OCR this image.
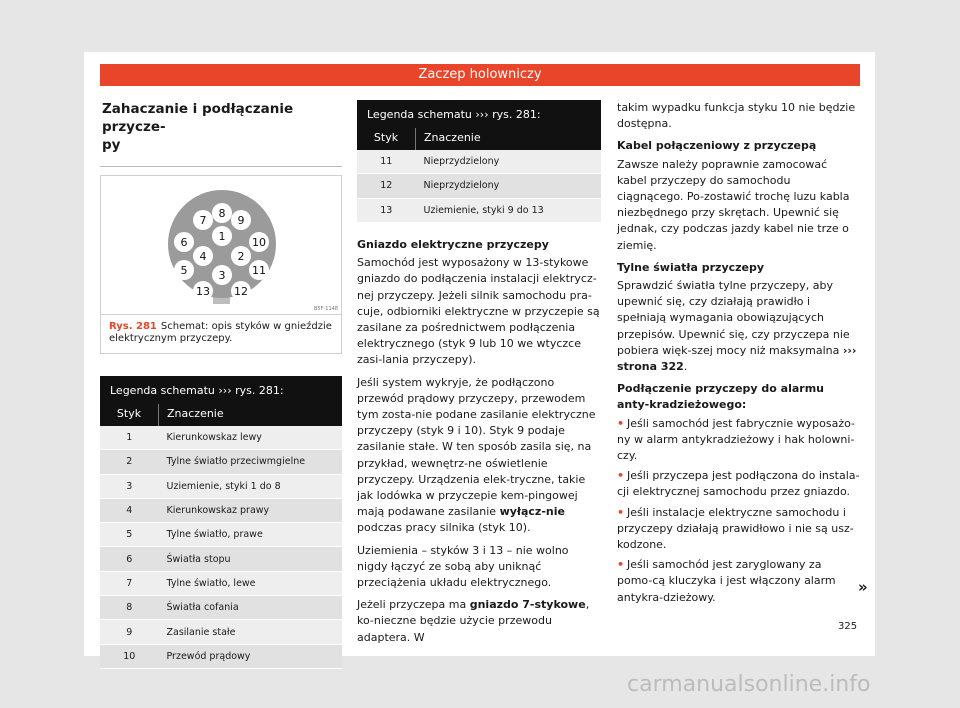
Zaczep holowniczy
Zahaczanie i podłączanie przycze-
py
1
2
3
4
5
6
7
8
9
10
11
12
13
B5F-1148
Rys. 281 Schemat: opis styków w gnieździe elektrycznym przyczepy.
Legenda schematu ››› rys. 281:	
Styk	Znaczenie
1	Kierunkowskaz lewy
2	Tylne światło przeciwmgielne
3	Uziemienie, styki 1 do 8
4	Kierunkowskaz prawy
5	Tylne światło, prawe
6	Światła stopu
7	Tylne światło, lewe
8	Światła cofania
9	Zasilanie stałe
10	Przewód prądowy
Legenda schematu ››› rys. 281:	
Styk	Znaczenie
11	Nieprzydzielony
12	Nieprzydzielony
13	Uziemienie, styki 9 do 13
Gniazdo elektryczne przyczepy

Samochód jest wyposażony w 13-stykowe gniazdo do podłączenia instalacji elektrycz-nej przyczepy. Jeżeli silnik samochodu pra-cuje, odbiorniki elektryczne w przyczepie są zasilane za pośrednictwem podłączenia elektrycznego (styk 9 lub 10 we wtyczce zasi-lania przyczepy).

Jeśli system wykryje, że podłączono przewód prądowy przyczepy, przewodem tym zosta-nie podane zasilanie elektryczne przyczepy (styk 9 i 10). Styk 9 podaje zasilanie stałe. W ten sposób zasila się, na przykład, wewnętrz-ne oświetlenie przyczepy. Urządzenia elek-tryczne, takie jak lodówka w przyczepie kem-pingowej mają podawane zasilanie wyłącz-nie podczas pracy silnika (styk 10).

Uziemienia – styków 3 i 13 – nie wolno nigdy łączyć ze sobą aby uniknąć przeciążenia układu elektrycznego.

Jeżeli przyczepa ma gniazdo 7-stykowe, ko-nieczne będzie użycie przewodu adaptera. W

takim wypadku funkcja styku 10 nie będzie dostępna.

Kabel połączeniowy z przyczepą

Zawsze należy poprawnie zamocować kabel przyczepy do samochodu ciągnącego. Po-zostawić trochę luzu kabla niezbędnego przy skrętach. Upewnić się jednak, czy podczas jazdy kabel nie trze o ziemię.

Tylne światła przyczepy

Sprawdzić światła tylne przyczepy, aby upewnić się, czy działają prawidło i spełniają wymagania obowiązujących przepisów. Upewnić się, czy przyczepa nie pobiera więk-szej mocy niż maksymalna ››› strona 322.

Podłączenie przyczepy do alarmu anty-kradzieżowego:

• Jeśli samochód jest fabrycznie wyposażo-ny w alarm antykradzieżowy i hak holowni-czy.

• Jeśli przyczepa jest podłączona do instala-cji elektrycznej samochodu przez gniazdo.

• Jeśli instalacje elektryczne samochodu i przyczepy działają prawidłowo i nie są usz-kodzone.

• Jeśli samochód jest zaryglowany za pomo-cą kluczyka i jest włączony alarm antykra-dzieżowy.

»
325
carmanualsonline.info
